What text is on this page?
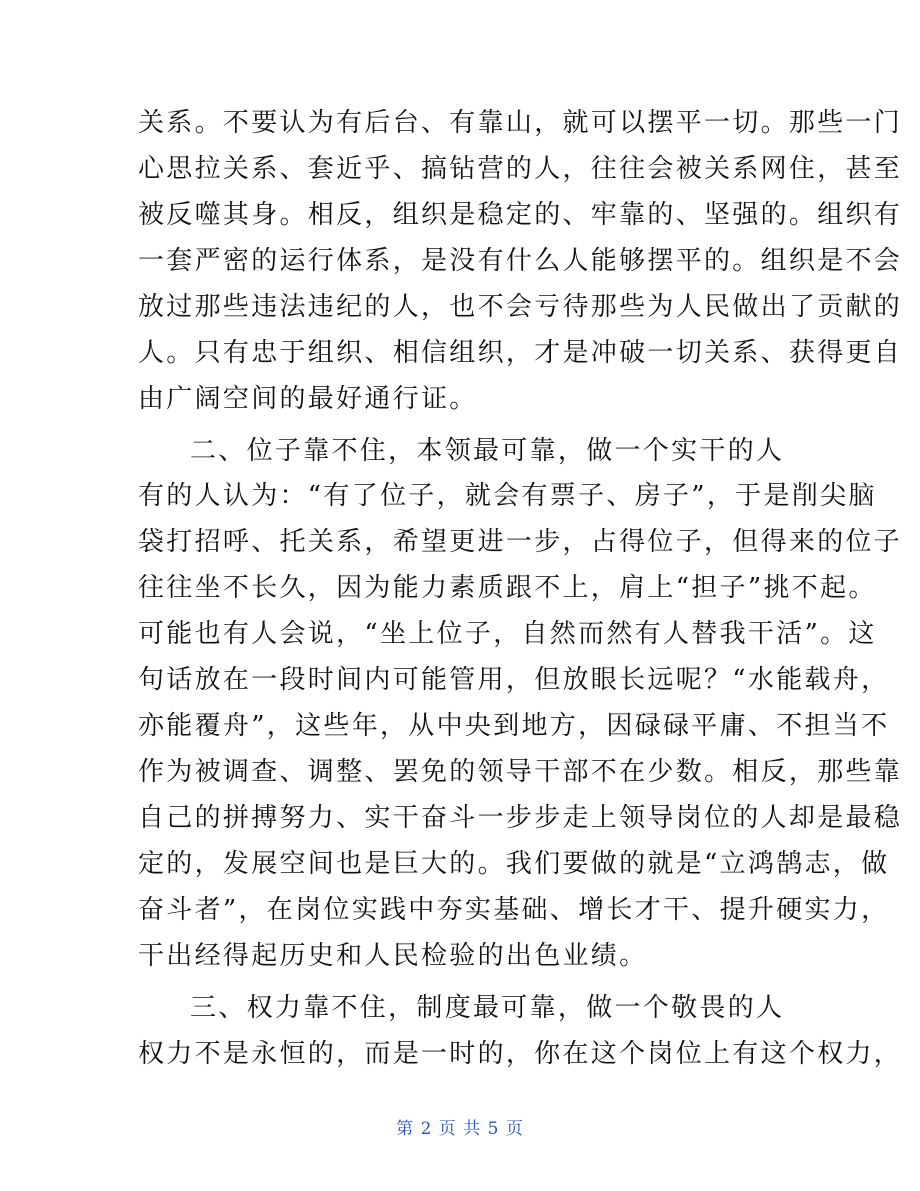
关系。不要认为有后台、有靠山，就可以摆平一切。那些一门
心思拉关系、套近乎、搞钻营的人，往往会被关系网住，甚至
被反噬其身。相反，组织是稳定的、牢靠的、坚强的。组织有
一套严密的运行体系，是没有什么人能够摆平的。组织是不会
放过那些违法违纪的人，也不会亏待那些为人民做出了贡献的
人。只有忠于组织、相信组织，才是冲破一切关系、获得更自
由广阔空间的最好通行证。
二、位子靠不住，本领最可靠，做一个实干的人
有的人认为：“有了位子，就会有票子、房子”，于是削尖脑
袋打招呼、托关系，希望更进一步，占得位子，但得来的位子
往往坐不长久，因为能力素质跟不上，肩上“担子”挑不起。
可能也有人会说，“坐上位子，自然而然有人替我干活”。这
句话放在一段时间内可能管用，但放眼长远呢？“水能载舟，
亦能覆舟”，这些年，从中央到地方，因碌碌平庸、不担当不
作为被调查、调整、罢免的领导干部不在少数。相反，那些靠
自己的拼搏努力、实干奋斗一步步走上领导岗位的人却是最稳
定的，发展空间也是巨大的。我们要做的就是“立鸿鹄志，做
奋斗者”，在岗位实践中夯实基础、增长才干、提升硬实力，
干出经得起历史和人民检验的出色业绩。
三、权力靠不住，制度最可靠，做一个敬畏的人
权力不是永恒的，而是一时的，你在这个岗位上有这个权力，
第 2 页 共 5 页
